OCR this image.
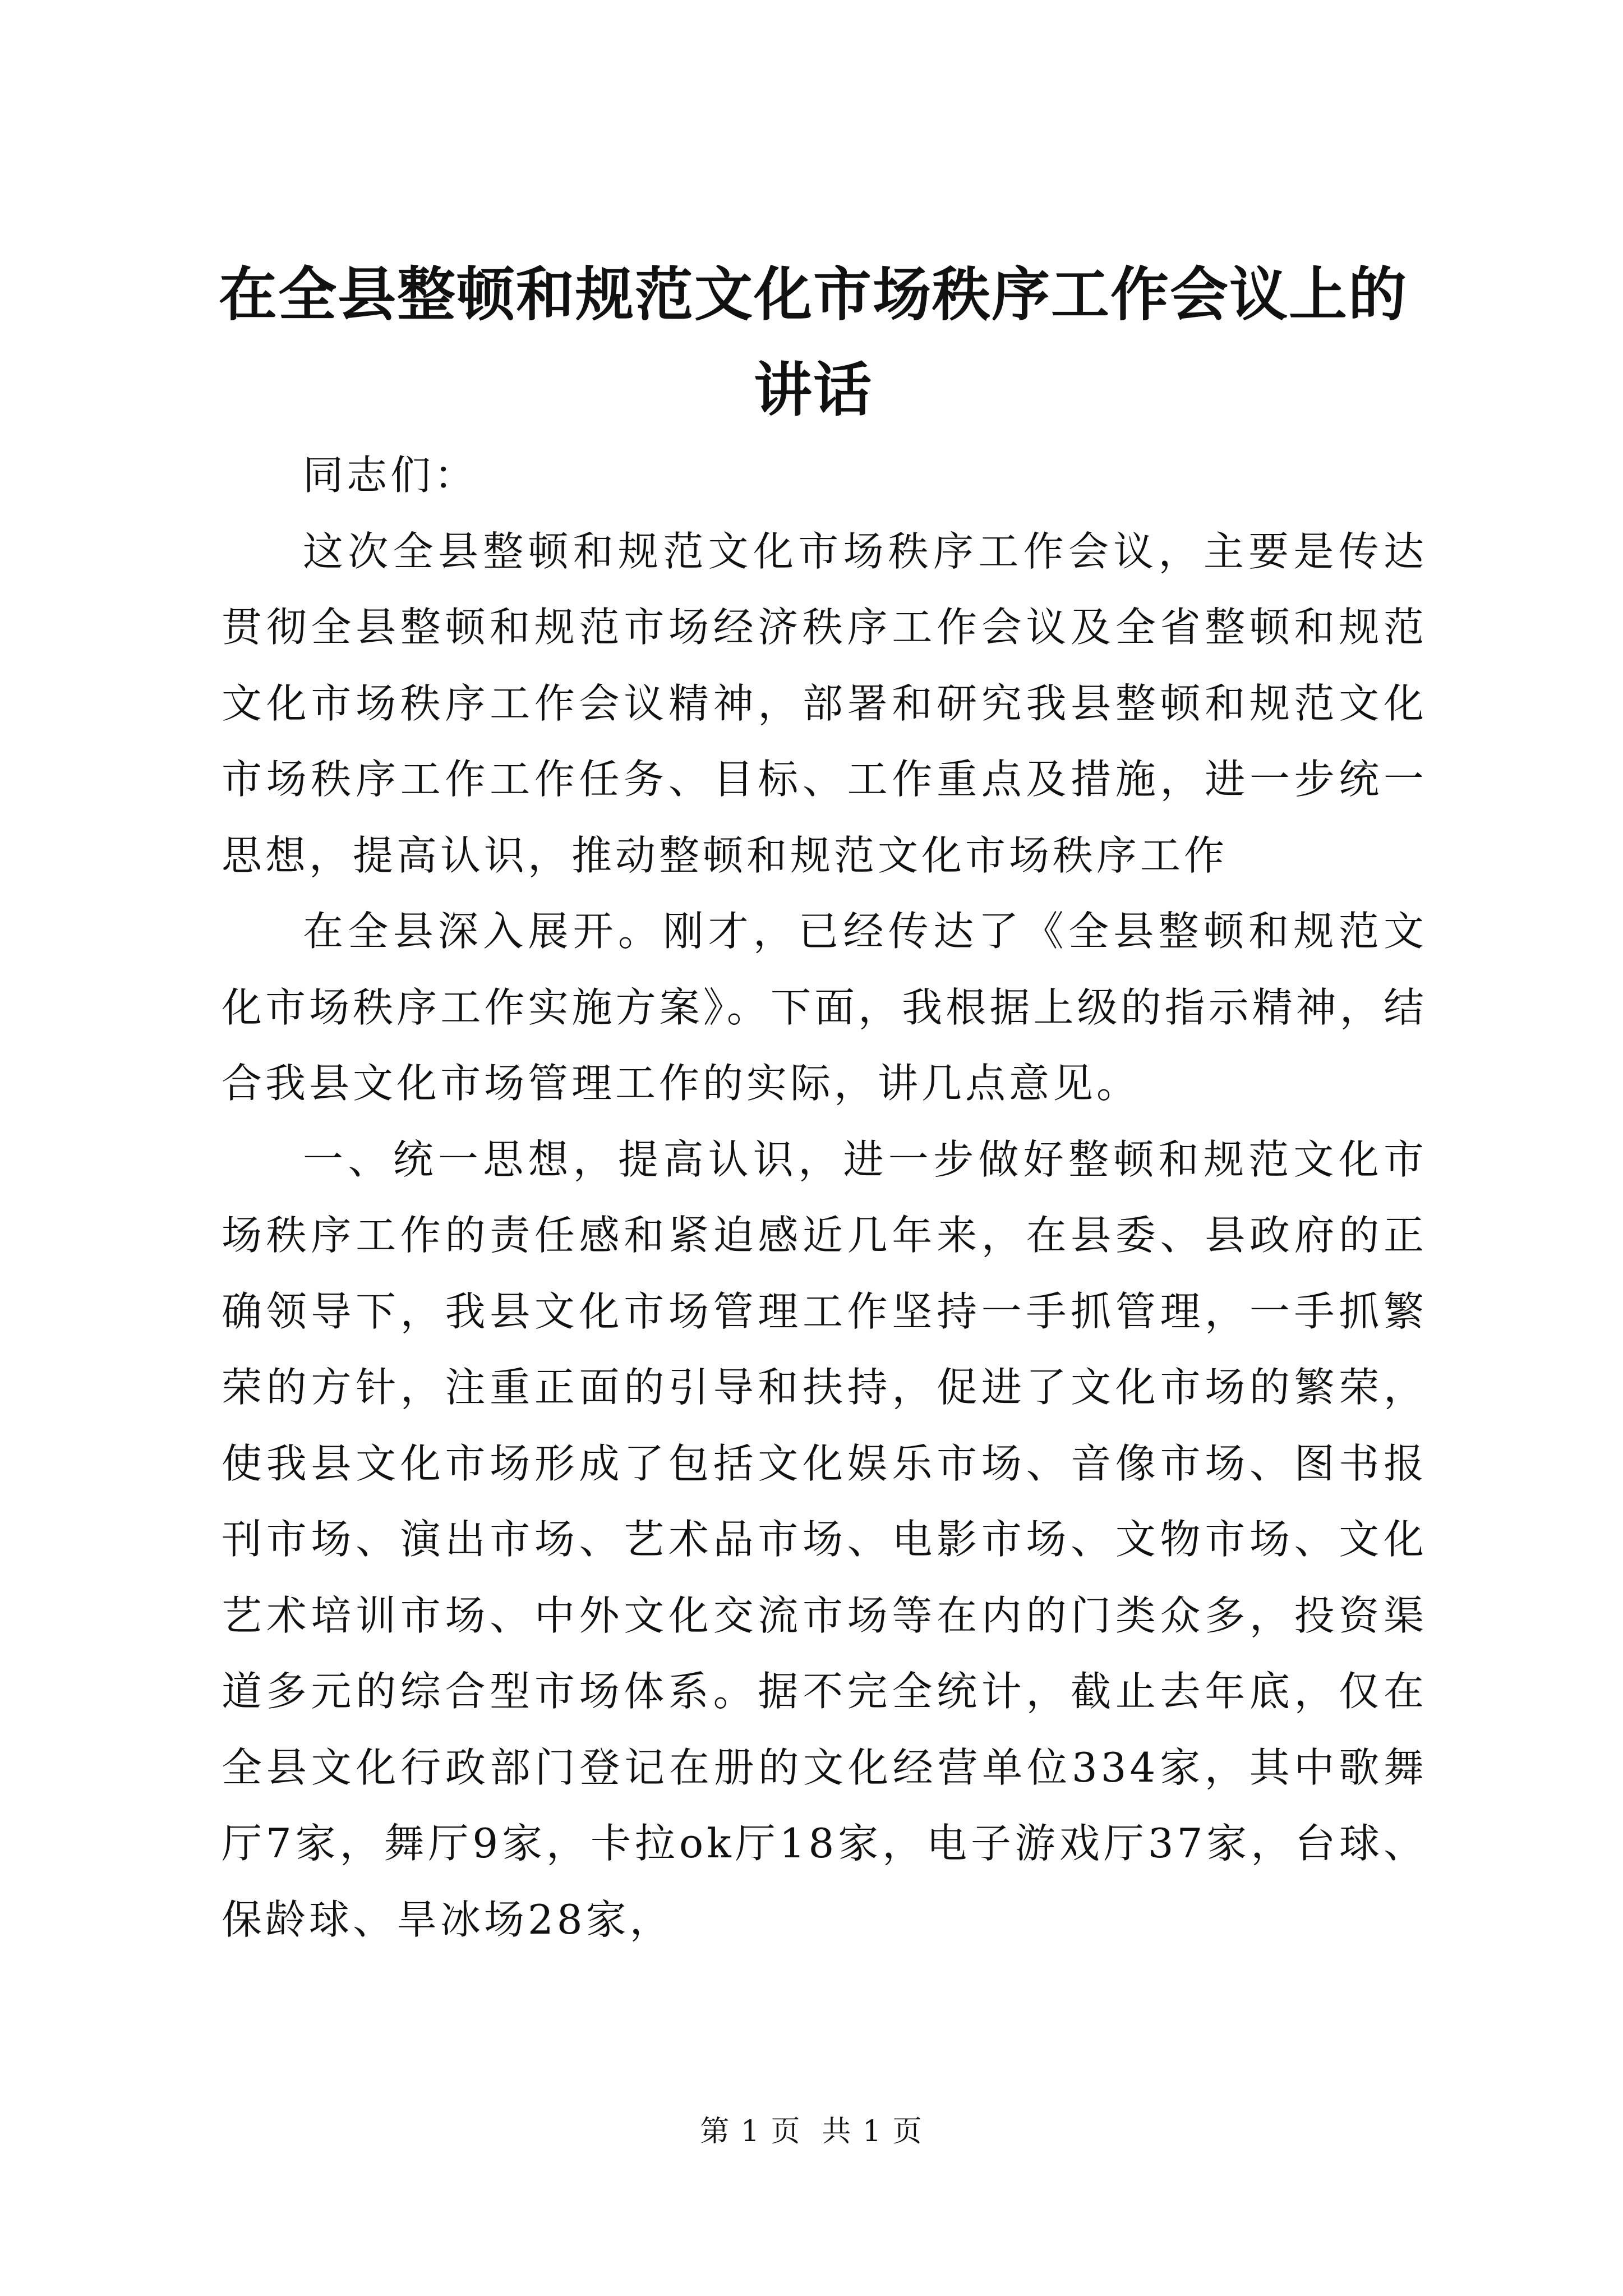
在全县整顿和规范文化市场秩序工作会议上的讲话

同志们：

这次全县整顿和规范文化市场秩序工作会议，主要是传达贯彻全县整顿和规范市场经济秩序工作会议及全省整顿和规范文化市场秩序工作会议精神，部署和研究我县整顿和规范文化市场秩序工作工作任务、目标、工作重点及措施，进一步统一思想，提高认识，推动整顿和规范文化市场秩序工作

在全县深入展开。刚才，已经传达了《全县整顿和规范文化市场秩序工作实施方案》。下面，我根据上级的指示精神，结合我县文化市场管理工作的实际，讲几点意见。

一、统一思想，提高认识，进一步做好整顿和规范文化市场秩序工作的责任感和紧迫感近几年来，在县委、县政府的正确领导下，我县文化市场管理工作坚持一手抓管理，一手抓繁荣的方针，注重正面的引导和扶持，促进了文化市场的繁荣，使我县文化市场形成了包括文化娱乐市场、音像市场、图书报刊市场、演出市场、艺术品市场、电影市场、文物市场、文化艺术培训市场、中外文化交流市场等在内的门类众多，投资渠道多元的综合型市场体系。据不完全统计，截止去年底，仅在全县文化行政部门登记在册的文化经营单位334家，其中歌舞厅7家，舞厅9家，卡拉ok厅18家，电子游戏厅37家，台球、保龄球、旱冰场28家，

第 1 页  共 1 页
